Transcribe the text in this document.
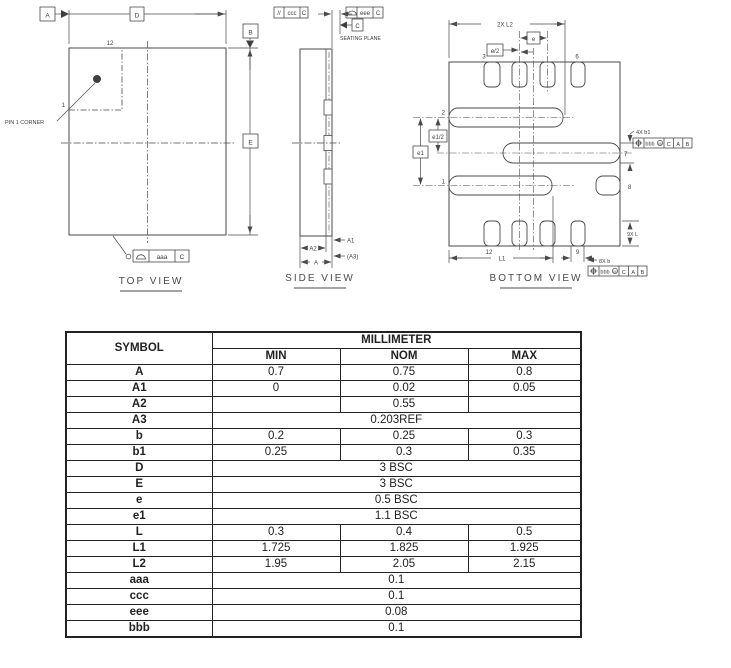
A	D
B
E
12
1
PIN 1 CORNER
aaa C
TOP VIEW
// ccc C	eee C
C
SEATING PLANE
A1
(A3)
A2
A
SIDE VIEW
2X L2
e
e/2
e1/2
e1
3	6
2
1
7
8
9
12
L1
9X L
4X b1
8X b
bbb M C A B
bbb M C A B
BOTTOM VIEW
SYMBOL	MILLIMETER		
	MIN	NOM	MAX
A	0.7	0.75	0.8
A1	0	0.02	0.05
A2		0.55	
A3	0.203REF		
b	0.2	0.25	0.3
b1	0.25	0.3	0.35
D	3 BSC		
E	3 BSC		
e	0.5 BSC		
e1	1.1 BSC		
L	0.3	0.4	0.5
L1	1.725	1.825	1.925
L2	1.95	2.05	2.15
aaa	0.1		
ccc	0.1		
eee	0.08		
bbb	0.1		
